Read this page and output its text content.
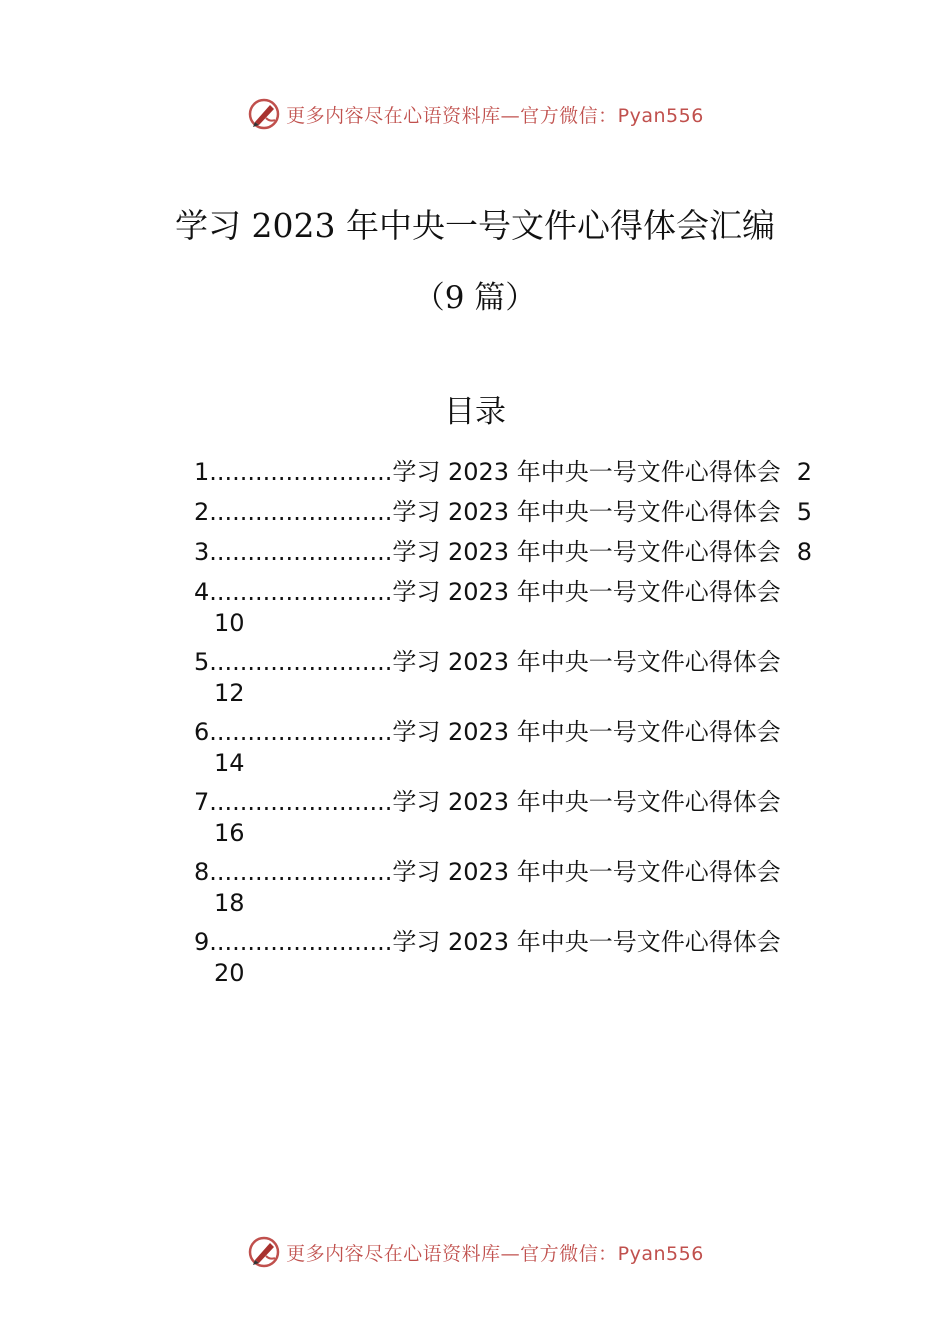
更多内容尽在心语资料库—官方微信：Pyan556
学习 2023 年中央一号文件心得体会汇编
（9 篇）
目录
1........................学习 2023 年中央一号文件心得体会 2
2........................学习 2023 年中央一号文件心得体会 5
3........................学习 2023 年中央一号文件心得体会 8
4........................学习 2023 年中央一号文件心得体会
10
5........................学习 2023 年中央一号文件心得体会
12
6........................学习 2023 年中央一号文件心得体会
14
7........................学习 2023 年中央一号文件心得体会
16
8........................学习 2023 年中央一号文件心得体会
18
9........................学习 2023 年中央一号文件心得体会
20
更多内容尽在心语资料库—官方微信：Pyan556
